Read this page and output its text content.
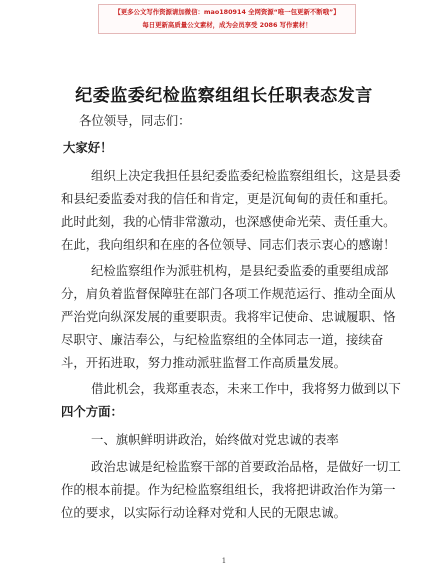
【更多公文写作资源请加微信：mao180914 全网资源“唯一包更新不断哦”】
每日更新高质量公文素材，成为会员享受 2086 写作素材！
纪委监委纪检监察组组长任职表态发言
各位领导，同志们：
大家好！
组织上决定我担任县纪委监委纪检监察组组长，这是县委
和县纪委监委对我的信任和肯定，更是沉甸甸的责任和重托。
此时此刻，我的心情非常激动，也深感使命光荣、责任重大。
在此，我向组织和在座的各位领导、同志们表示衷心的感谢！
纪检监察组作为派驻机构，是县纪委监委的重要组成部
分，肩负着监督保障驻在部门各项工作规范运行、推动全面从
严治党向纵深发展的重要职责。我将牢记使命、忠诚履职、恪
尽职守、廉洁奉公，与纪检监察组的全体同志一道，接续奋
斗，开拓进取，努力推动派驻监督工作高质量发展。
借此机会，我郑重表态，未来工作中，我将努力做到以下
四个方面：
一、旗帜鲜明讲政治，始终做对党忠诚的表率
政治忠诚是纪检监察干部的首要政治品格，是做好一切工
作的根本前提。作为纪检监察组组长，我将把讲政治作为第一
位的要求，以实际行动诠释对党和人民的无限忠诚。
1
